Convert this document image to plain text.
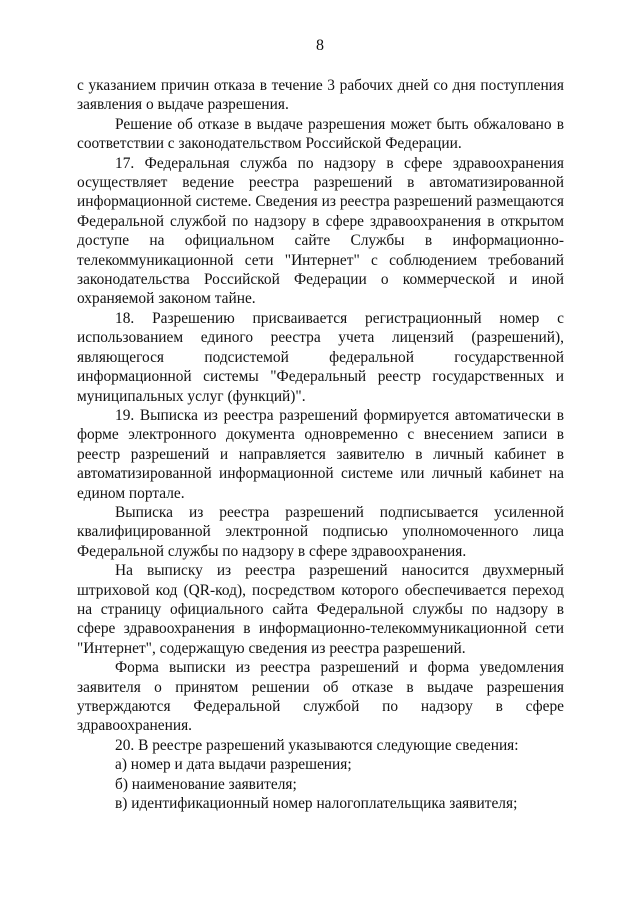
8

с указанием причин отказа в течение 3 рабочих дней со дня поступления заявления о выдаче разрешения.

Решение об отказе в выдаче разрешения может быть обжаловано в соответствии с законодательством Российской Федерации.

17. Федеральная служба по надзору в сфере здравоохранения осуществляет ведение реестра разрешений в автоматизированной информационной системе. Сведения из реестра разрешений размещаются Федеральной службой по надзору в сфере здравоохранения в открытом доступе на официальном сайте Службы в информационно-телекоммуникационной сети "Интернет" с соблюдением требований законодательства Российской Федерации о коммерческой и иной охраняемой законом тайне.

18. Разрешению присваивается регистрационный номер с использованием единого реестра учета лицензий (разрешений), являющегося подсистемой федеральной государственной информационной системы "Федеральный реестр государственных и муниципальных услуг (функций)".

19. Выписка из реестра разрешений формируется автоматически в форме электронного документа одновременно с внесением записи в реестр разрешений и направляется заявителю в личный кабинет в автоматизированной информационной системе или личный кабинет на едином портале.

Выписка из реестра разрешений подписывается усиленной квалифицированной электронной подписью уполномоченного лица Федеральной службы по надзору в сфере здравоохранения.

На выписку из реестра разрешений наносится двухмерный штриховой код (QR-код), посредством которого обеспечивается переход на страницу официального сайта Федеральной службы по надзору в сфере здравоохранения в информационно-телекоммуникационной сети "Интернет", содержащую сведения из реестра разрешений.

Форма выписки из реестра разрешений и форма уведомления заявителя о принятом решении об отказе в выдаче разрешения утверждаются Федеральной службой по надзору в сфере здравоохранения.

20. В реестре разрешений указываются следующие сведения:

а) номер и дата выдачи разрешения;

б) наименование заявителя;

в) идентификационный номер налогоплательщика заявителя;
